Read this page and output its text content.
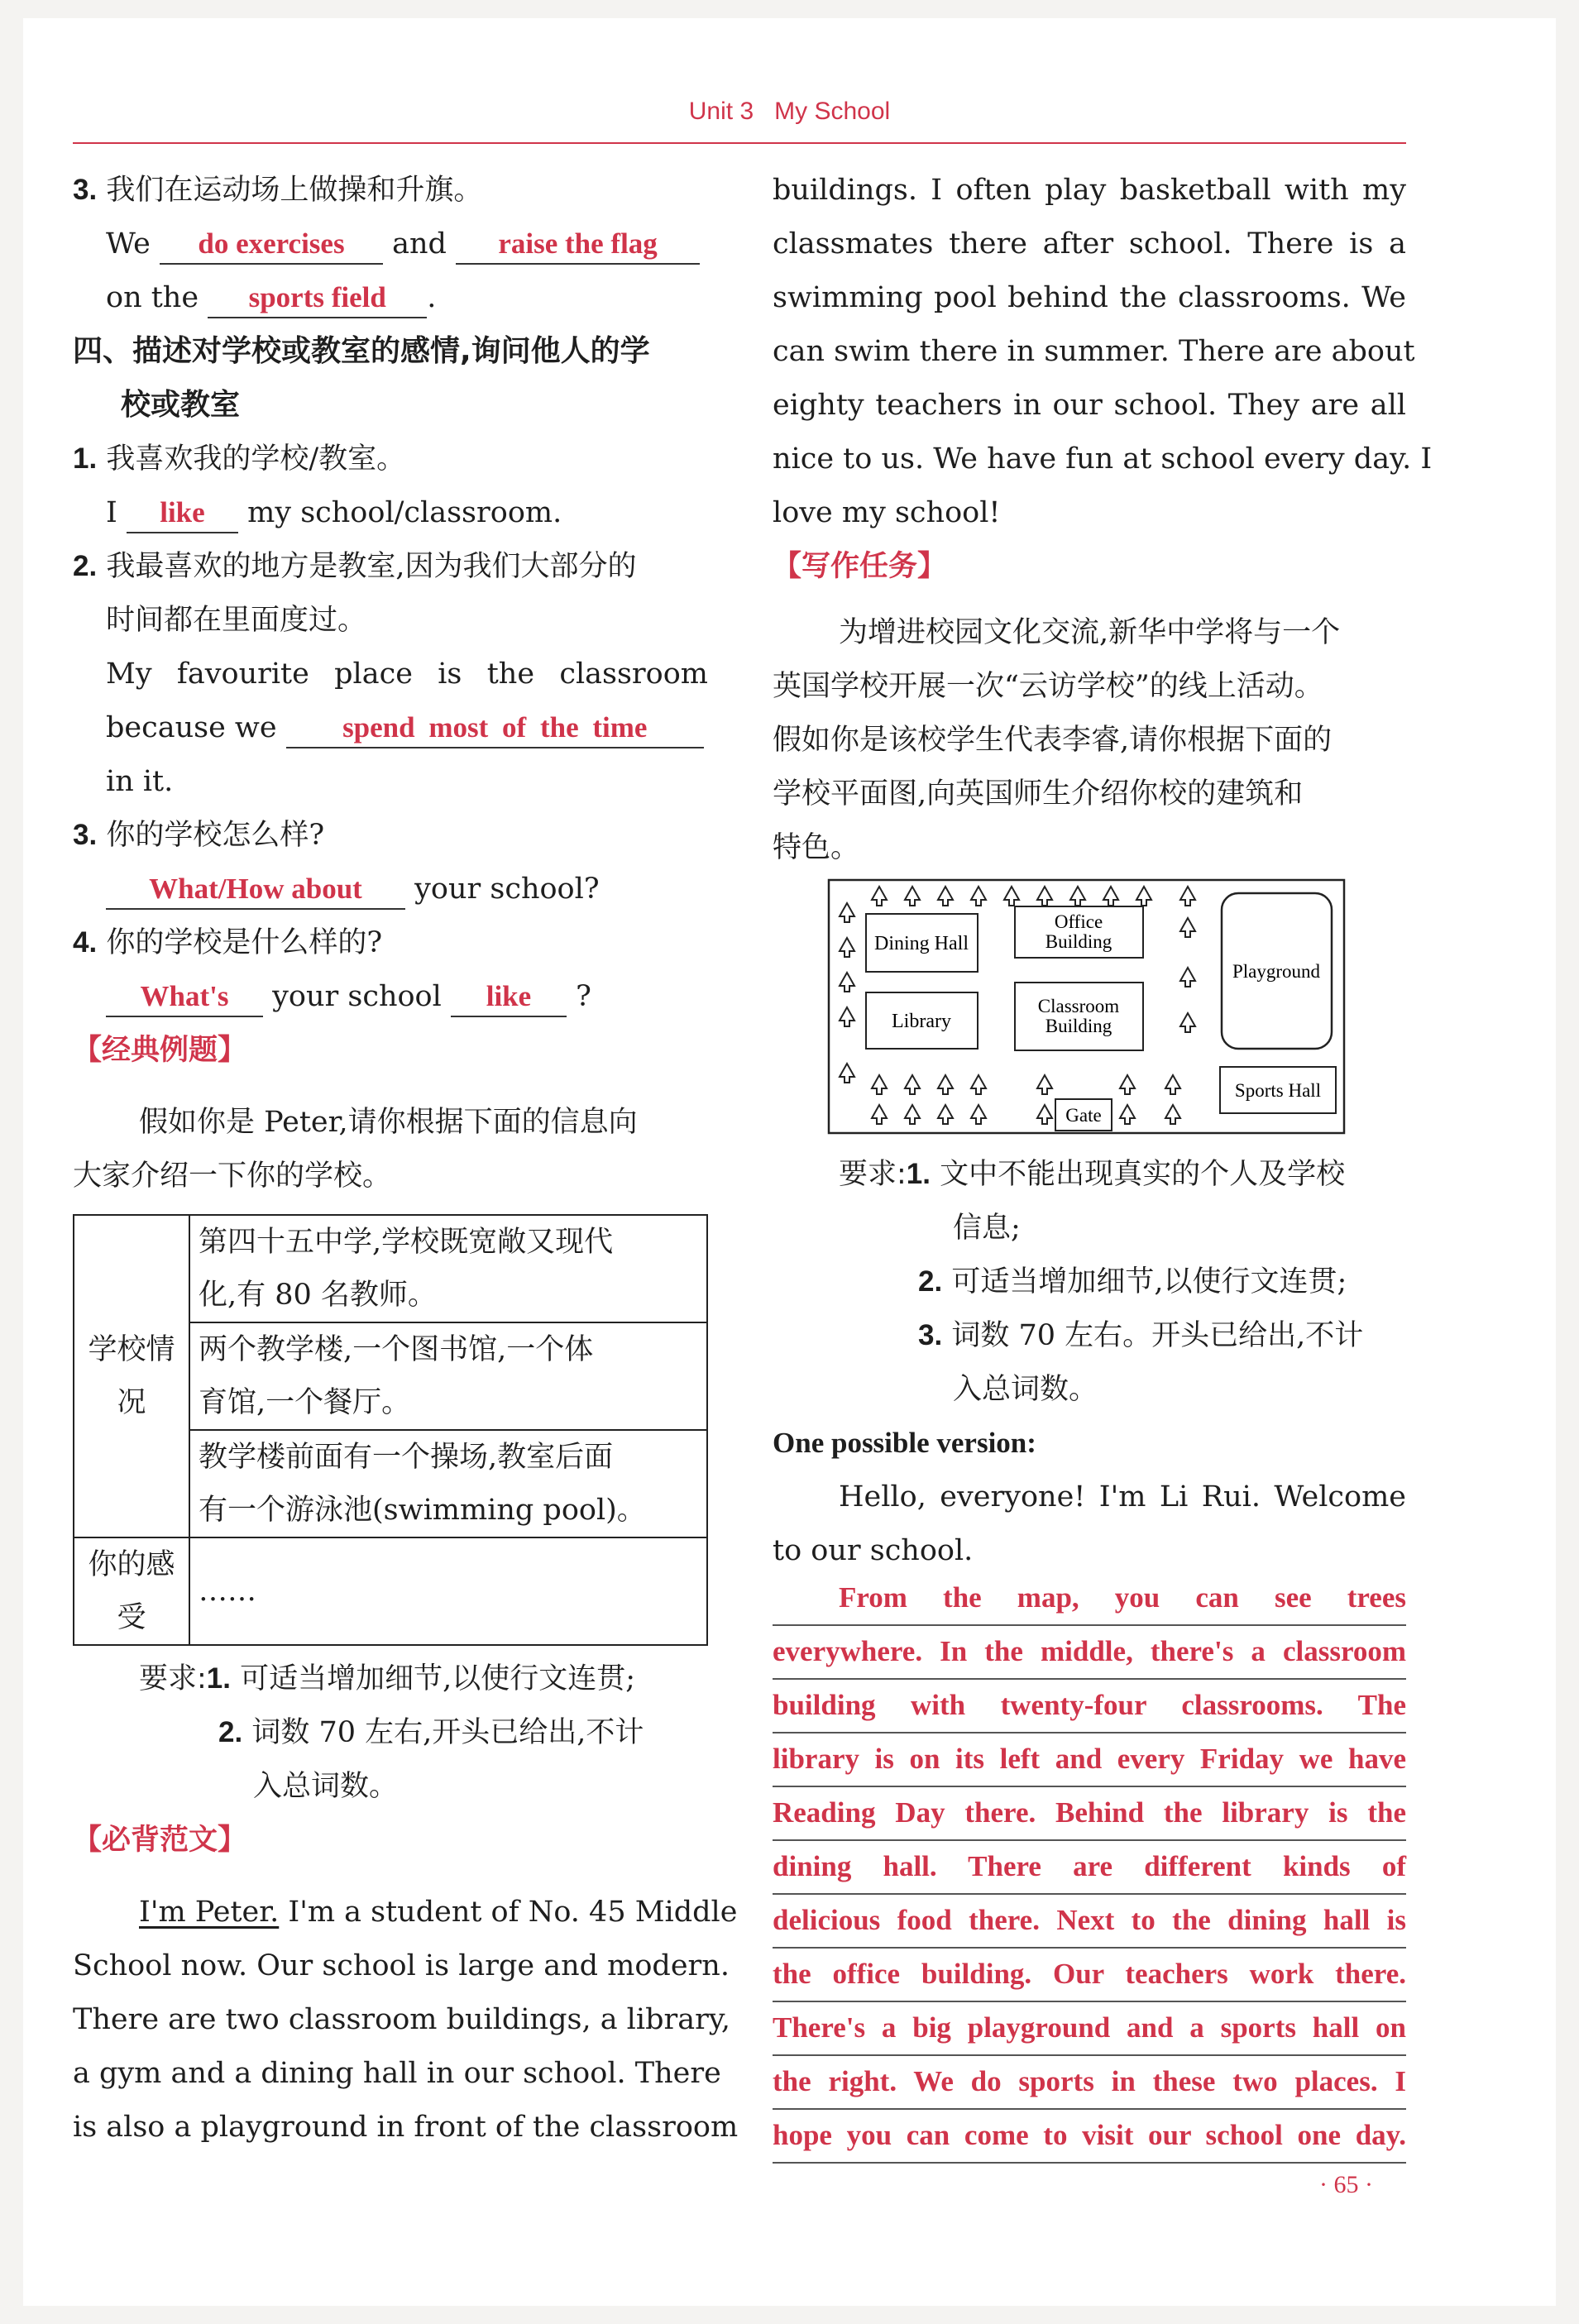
Unit 3 My School
3. 我们在运动场上做操和升旗。
We do exercises and raise the flag
on the sports field .
四、描述对学校或教室的感情,询问他人的学
校或教室
1. 我喜欢我的学校/教室。
I like my school/classroom.
2. 我最喜欢的地方是教室,因为我们大部分的
时间都在里面度过。
My favourite place is the classroom
because we spend most of the time
in it.
3. 你的学校怎么样?
What/How about your school?
4. 你的学校是什么样的?
What's your school like ?
【经典例题】
假如你是 Peter,请你根据下面的信息向
大家介绍一下你的学校。
学校情况	第四十五中学,学校既宽敞又现代
化,有 80 名教师。

	两个教学楼,一个图书馆,一个体
育馆,一个餐厅。

	教学楼前面有一个操场,教室后面
有一个游泳池(swimming pool)。

你的感受	……
要求:1. 可适当增加细节,以使行文连贯;
2. 词数 70 左右,开头已给出,不计
入总词数。
【必背范文】
I'm Peter. I'm a student of No. 45 Middle
School now. Our school is large and modern.
There are two classroom buildings, a library,
a gym and a dining hall in our school. There
is also a playground in front of the classroom
buildings. I often play basketball with my
classmates there after school. There is a
swimming pool behind the classrooms. We
can swim there in summer. There are about
eighty teachers in our school. They are all
nice to us. We have fun at school every day. I
love my school!
【写作任务】
为增进校园文化交流,新华中学将与一个
英国学校开展一次“云访学校”的线上活动。
假如你是该校学生代表李睿,请你根据下面的
学校平面图,向英国师生介绍你校的建筑和
特色。
Dining Hall
Office
Building
Playground
Library
Classroom
Building
Sports Hall
Gate
要求:1. 文中不能出现真实的个人及学校
信息;
2. 可适当增加细节,以使行文连贯;
3. 词数 70 左右。开头已给出,不计
入总词数。
One possible version:
Hello, everyone! I'm Li Rui. Welcome
to our school.
From the map, you can see trees
everywhere. In the middle, there's a classroom
building with twenty-four classrooms. The
library is on its left and every Friday we have
Reading Day there. Behind the library is the
dining hall. There are different kinds of
delicious food there. Next to the dining hall is
the office building. Our teachers work there.
There's a big playground and a sports hall on
the right. We do sports in these two places. I
hope you can come to visit our school one day.
· 65 ·
